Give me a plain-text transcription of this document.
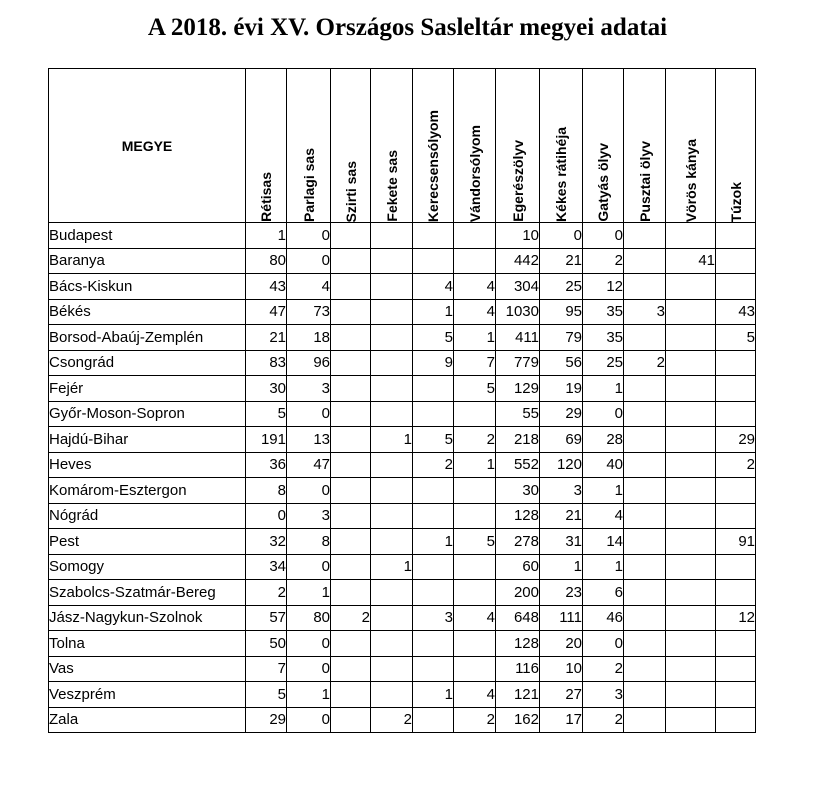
A 2018. évi XV. Országos Sasleltár megyei adatai
MEGYE	Rétisas	Parlagi sas	Szirti sas	Fekete sas	Kerecsensólyom	Vándorsólyom	Egerészölyv	Kékes rátihéja	Gatyás ölyv	Pusztai ölyv	Vörös kánya	Túzok

Budapest	1	0					10	0	0			
Baranya	80	0					442	21	2		41	
Bács-Kiskun	43	4			4	4	304	25	12			
Békés	47	73			1	4	1030	95	35	3		43
Borsod-Abaúj-Zemplén	21	18			5	1	411	79	35			5
Csongrád	83	96			9	7	779	56	25	2		
Fejér	30	3				5	129	19	1			
Győr-Moson-Sopron	5	0					55	29	0			
Hajdú-Bihar	191	13		1	5	2	218	69	28			29
Heves	36	47			2	1	552	120	40			2
Komárom-Esztergon	8	0					30	3	1			
Nógrád	0	3					128	21	4			
Pest	32	8			1	5	278	31	14			91
Somogy	34	0		1			60	1	1			
Szabolcs-Szatmár-Bereg	2	1					200	23	6			
Jász-Nagykun-Szolnok	57	80	2		3	4	648	111	46			12
Tolna	50	0					128	20	0			
Vas	7	0					116	10	2			
Veszprém	5	1			1	4	121	27	3			
Zala	29	0		2		2	162	17	2			
